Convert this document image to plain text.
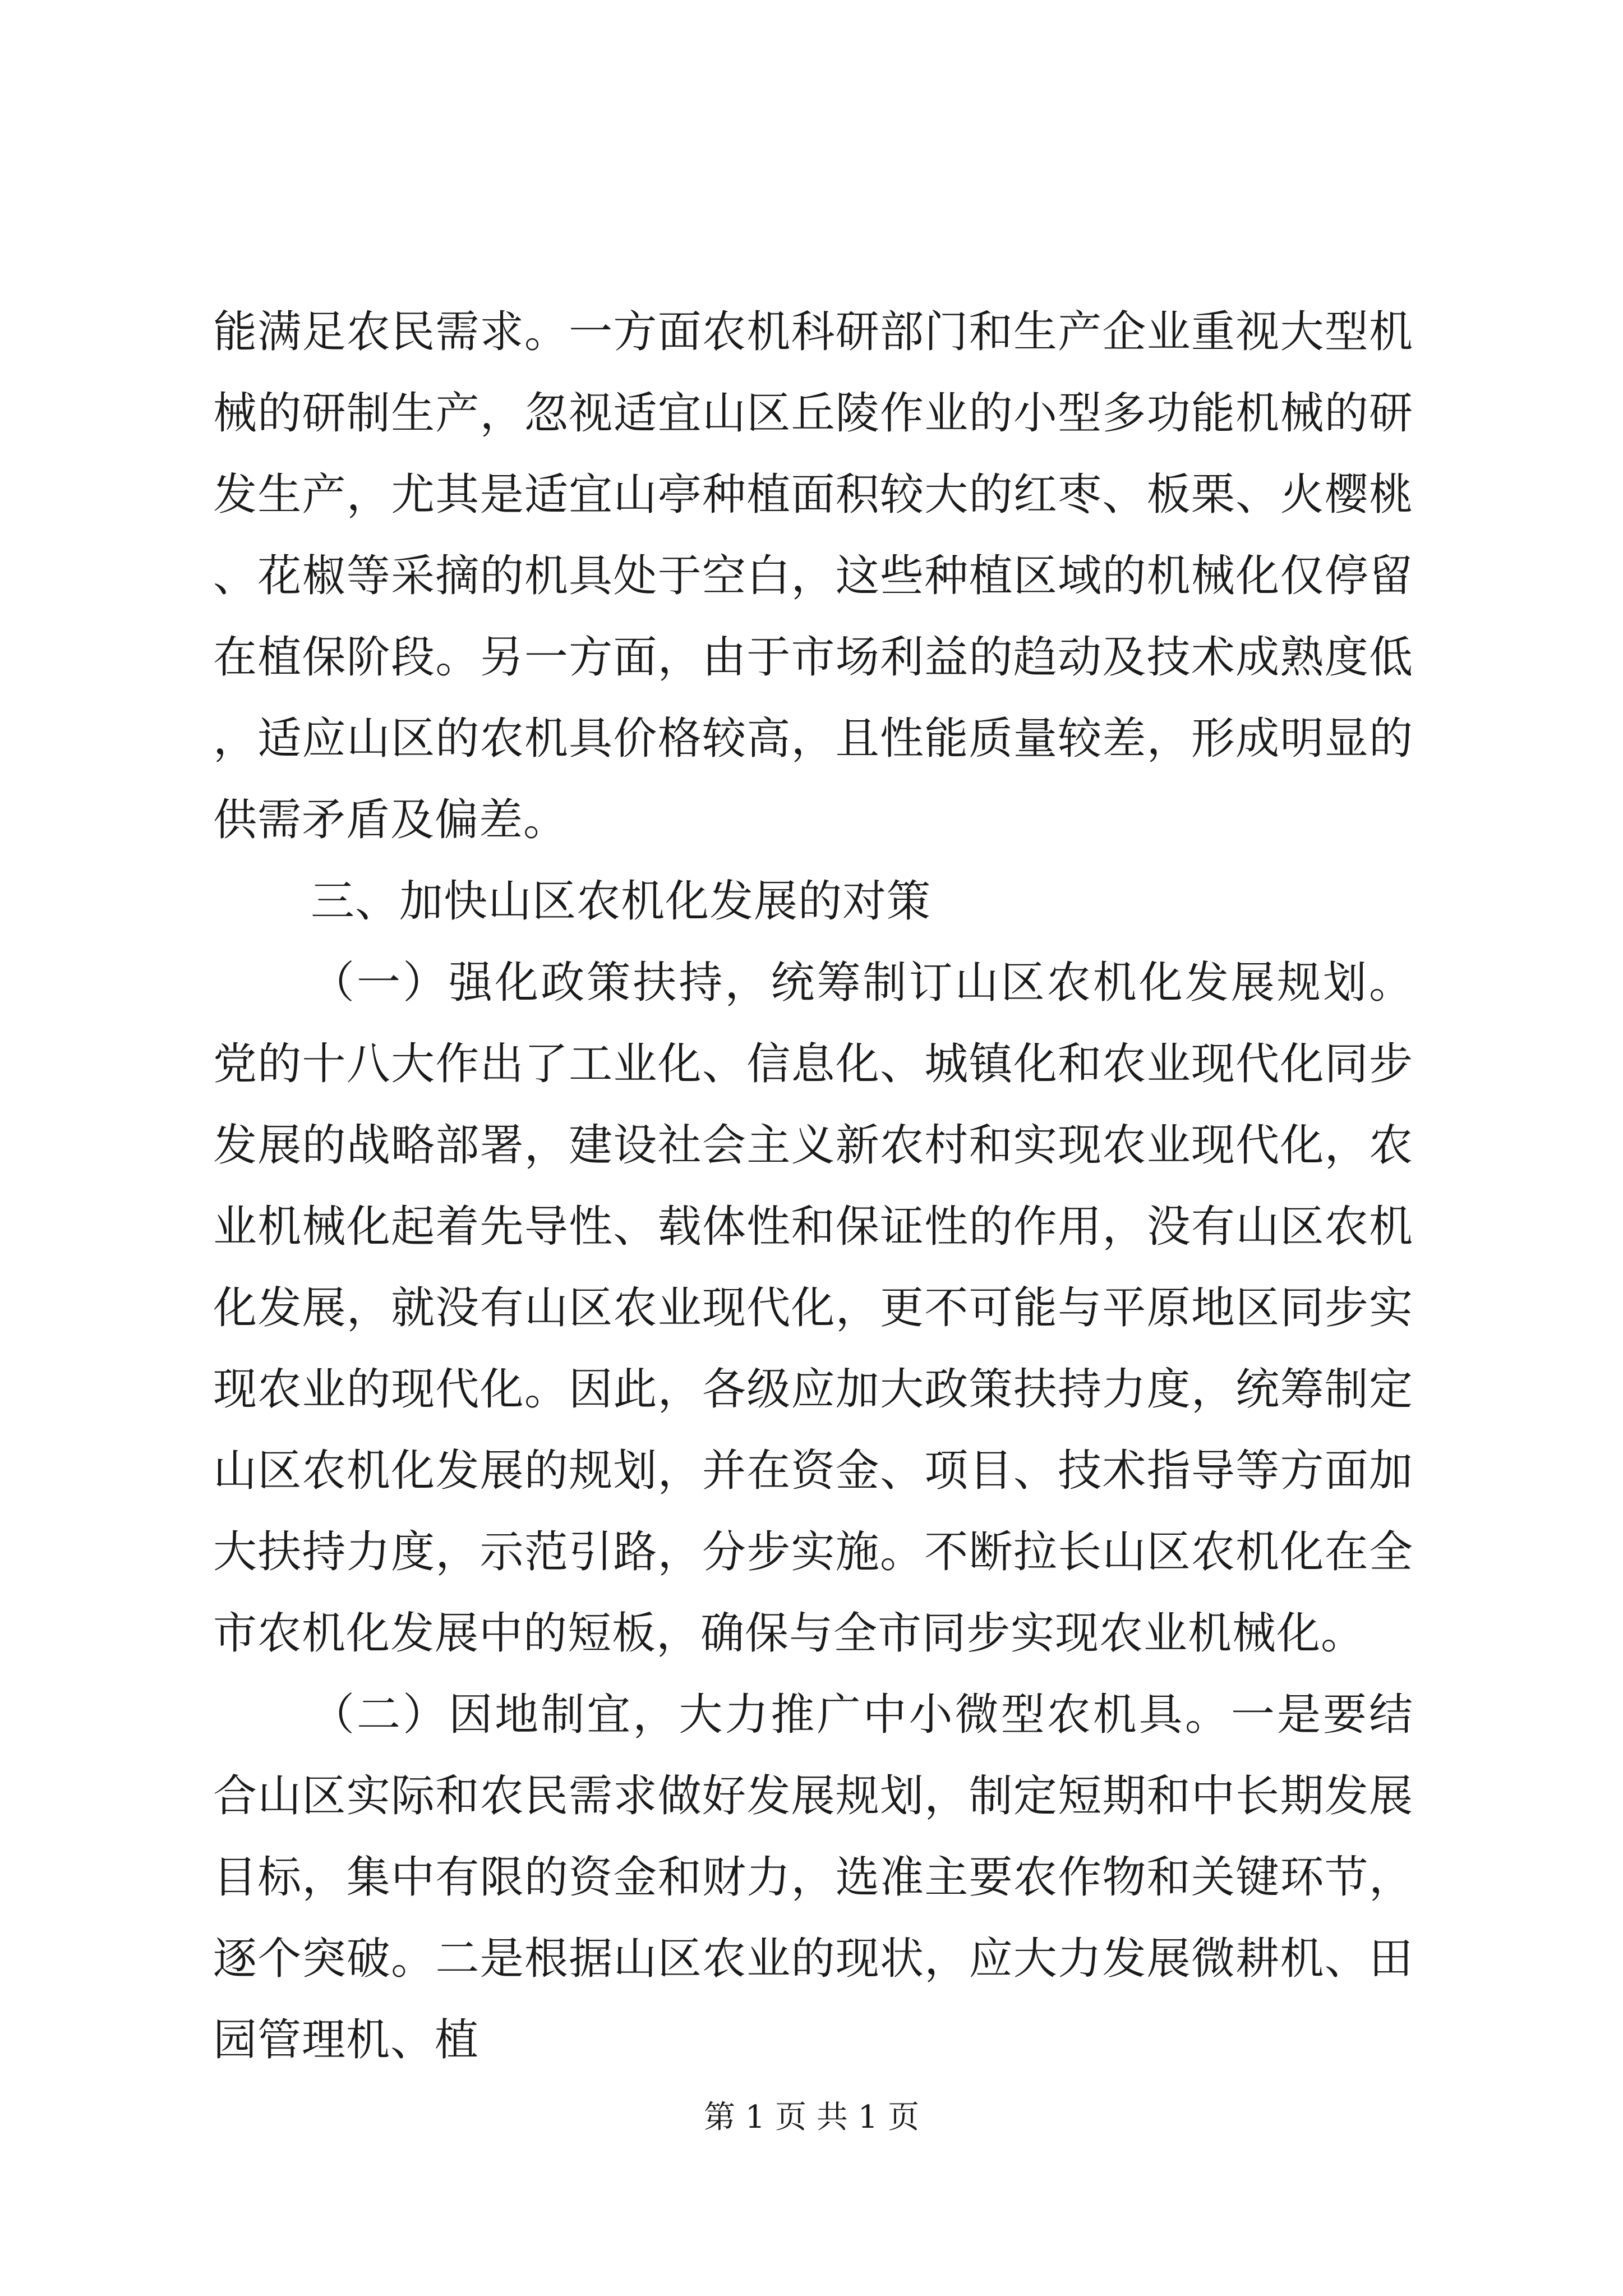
能满足农民需求。一方面农机科研部门和生产企业重视大型机械的研制生产，忽视适宜山区丘陵作业的小型多功能机械的研发生产，尤其是适宜山亭种植面积较大的红枣、板栗、火樱桃、花椒等采摘的机具处于空白，这些种植区域的机械化仅停留在植保阶段。另一方面，由于市场利益的趋动及技术成熟度低，适应山区的农机具价格较高，且性能质量较差，形成明显的供需矛盾及偏差。

三、加快山区农机化发展的对策

（一）强化政策扶持，统筹制订山区农机化发展规划。党的十八大作出了工业化、信息化、城镇化和农业现代化同步发展的战略部署，建设社会主义新农村和实现农业现代化，农业机械化起着先导性、载体性和保证性的作用，没有山区农机化发展，就没有山区农业现代化，更不可能与平原地区同步实现农业的现代化。因此，各级应加大政策扶持力度，统筹制定山区农机化发展的规划，并在资金、项目、技术指导等方面加大扶持力度，示范引路，分步实施。不断拉长山区农机化在全市农机化发展中的短板，确保与全市同步实现农业机械化。

（二）因地制宜，大力推广中小微型农机具。一是要结合山区实际和农民需求做好发展规划，制定短期和中长期发展目标，集中有限的资金和财力，选准主要农作物和关键环节，逐个突破。二是根据山区农业的现状，应大力发展微耕机、田园管理机、植

第 1 页 共 1 页
